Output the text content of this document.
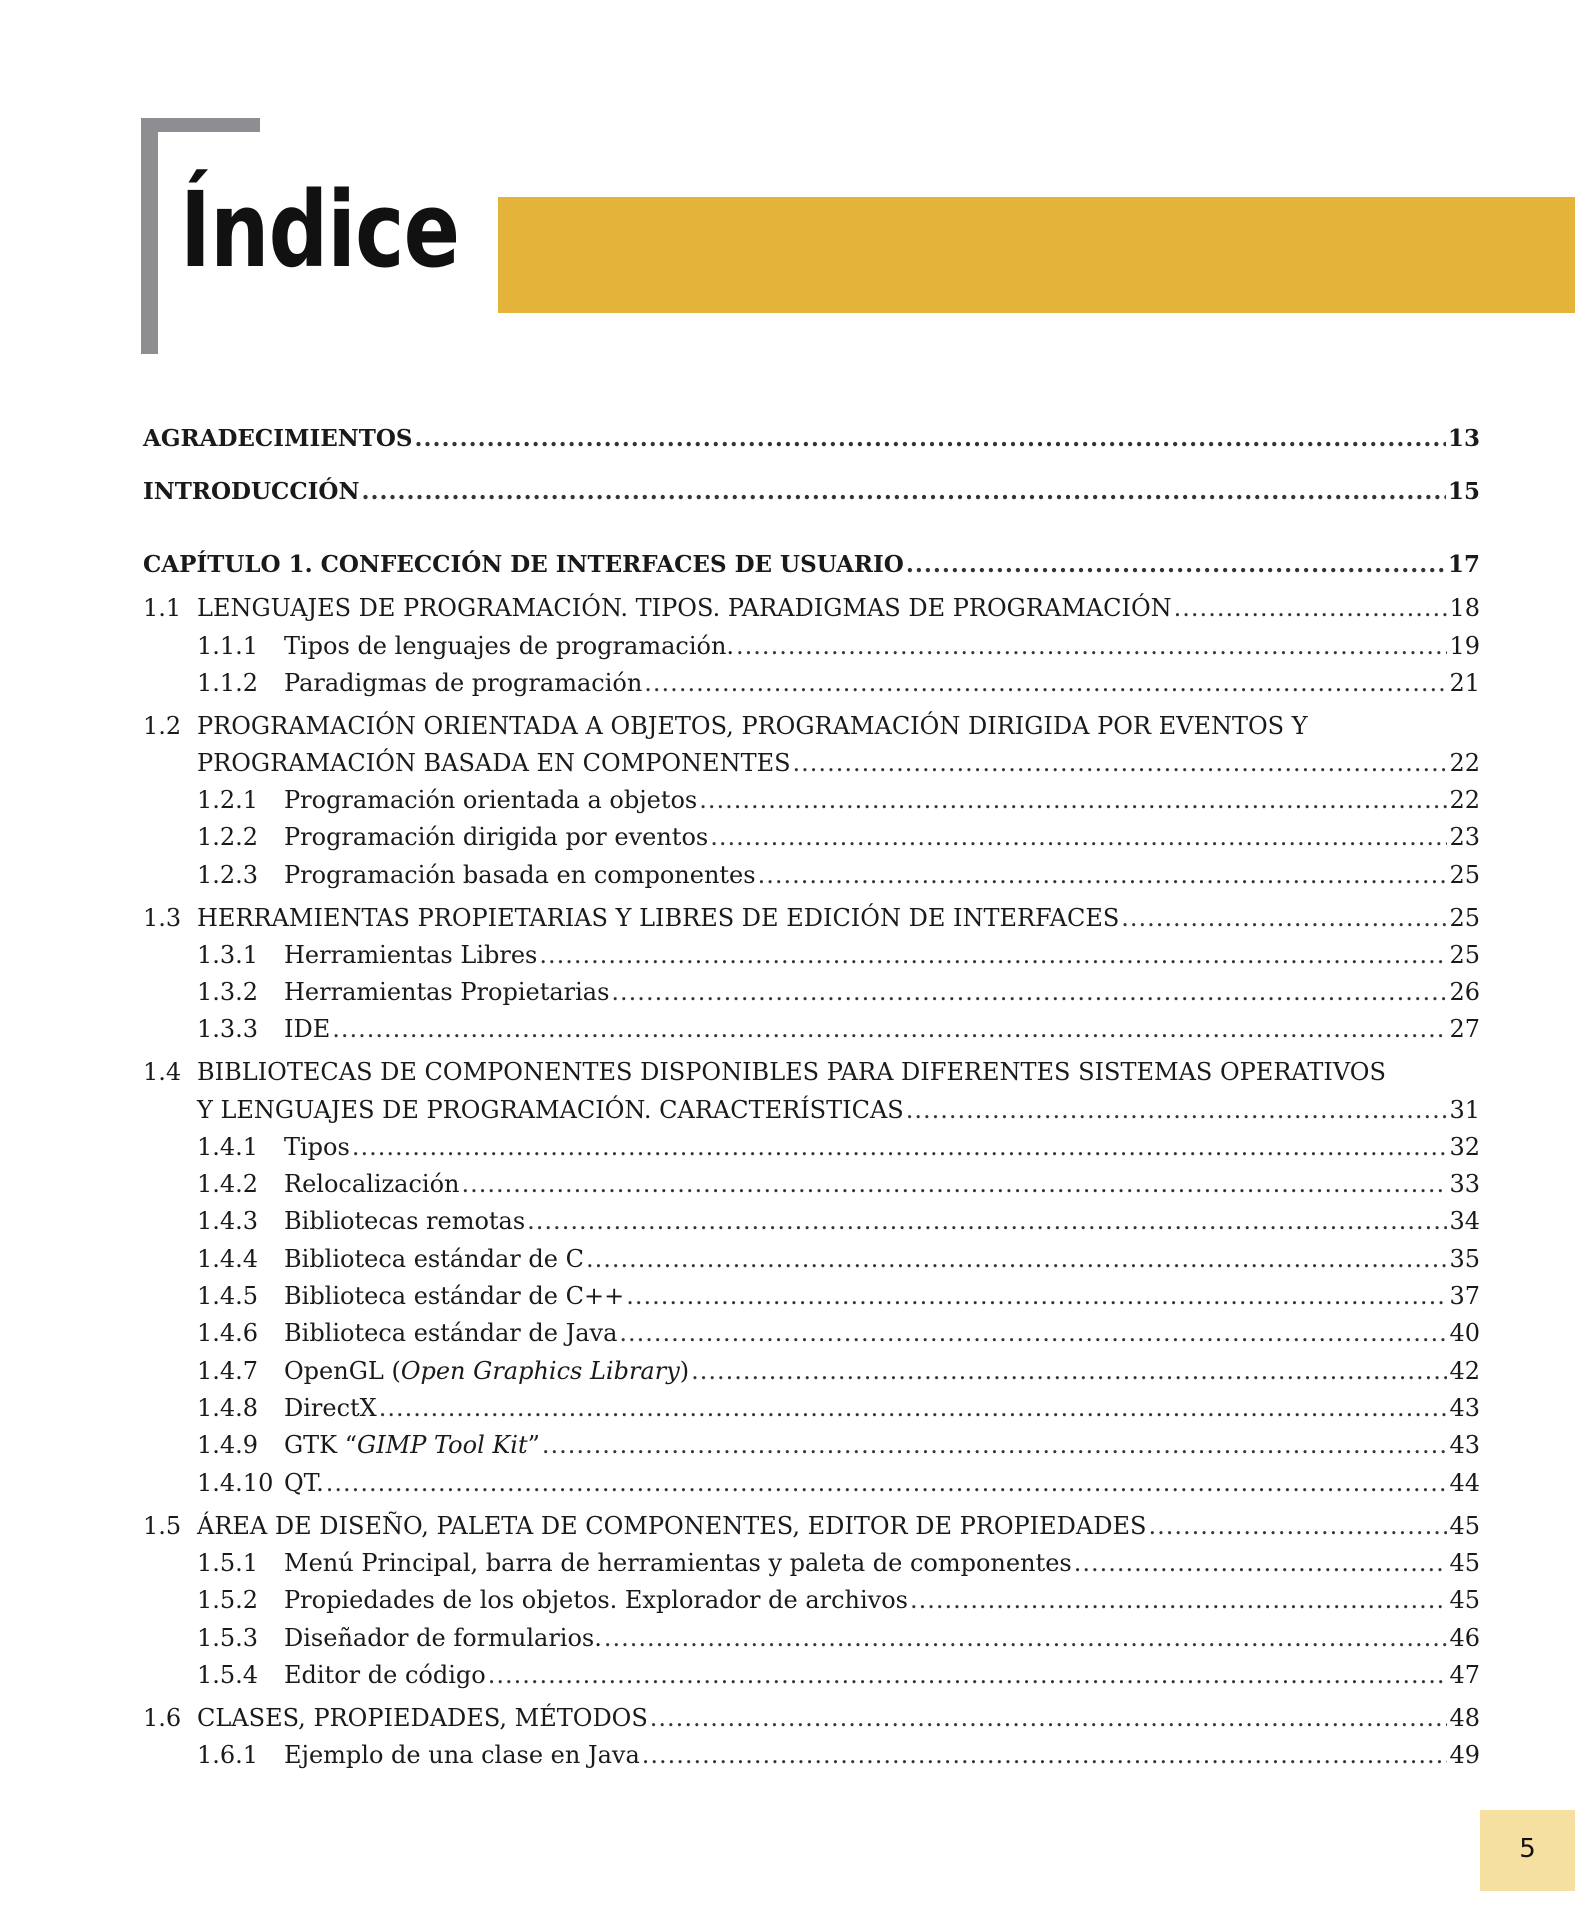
Índice
AGRADECIMIENTOS .....	13
INTRODUCCIÓN .....	15
CAPÍTULO 1. CONFECCIÓN DE INTERFACES DE USUARIO .....	17
1.1 LENGUAJES DE PROGRAMACIÓN. TIPOS. PARADIGMAS DE PROGRAMACIÓN .....	18
1.1.1	Tipos de lenguajes de programación. .....	19
1.1.2	Paradigmas de programación .....	21
1.2 PROGRAMACIÓN ORIENTADA A OBJETOS, PROGRAMACIÓN DIRIGIDA POR EVENTOS Y
PROGRAMACIÓN BASADA EN COMPONENTES .....	22
1.2.1	Programación orientada a objetos .....	22
1.2.2	Programación dirigida por eventos .....	23
1.2.3	Programación basada en componentes .....	25
1.3 HERRAMIENTAS PROPIETARIAS Y LIBRES DE EDICIÓN DE INTERFACES .....	25
1.3.1	Herramientas Libres .....	25
1.3.2	Herramientas Propietarias .....	26
1.3.3	IDE .....	27
1.4 BIBLIOTECAS DE COMPONENTES DISPONIBLES PARA DIFERENTES SISTEMAS OPERATIVOS
Y LENGUAJES DE PROGRAMACIÓN. CARACTERÍSTICAS .....	31
1.4.1	Tipos .....	32
1.4.2	Relocalización .....	33
1.4.3	Bibliotecas remotas .....	34
1.4.4	Biblioteca estándar de C .....	35
1.4.5	Biblioteca estándar de C++ .....	37
1.4.6	Biblioteca estándar de Java .....	40
1.4.7	OpenGL (Open Graphics Library) .....	42
1.4.8	DirectX .....	43
1.4.9	GTK “GIMP Tool Kit” .....	43
1.4.10 QT. .....	44
1.5 ÁREA DE DISEÑO, PALETA DE COMPONENTES, EDITOR DE PROPIEDADES .....	45
1.5.1	Menú Principal, barra de herramientas y paleta de componentes .....	45
1.5.2	Propiedades de los objetos. Explorador de archivos .....	45
1.5.3	Diseñador de formularios. .....	46
1.5.4	Editor de código .....	47
1.6 CLASES, PROPIEDADES, MÉTODOS .....	48
1.6.1	Ejemplo de una clase en Java .....	49
5
